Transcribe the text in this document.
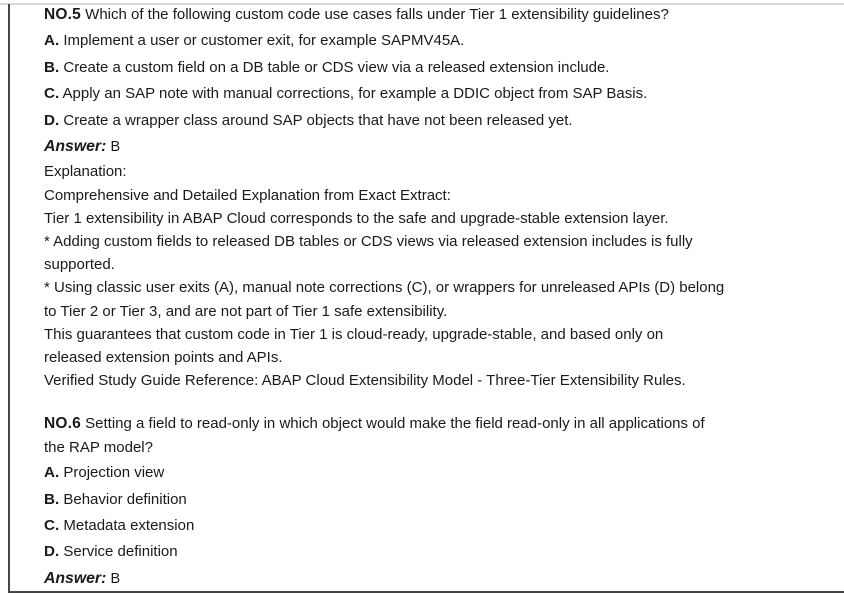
NO.5 Which of the following custom code use cases falls under Tier 1 extensibility guidelines?
A. Implement a user or customer exit, for example SAPMV45A.
B. Create a custom field on a DB table or CDS view via a released extension include.
C. Apply an SAP note with manual corrections, for example a DDIC object from SAP Basis.
D. Create a wrapper class around SAP objects that have not been released yet.
Answer: B
Explanation:
Comprehensive and Detailed Explanation from Exact Extract:
Tier 1 extensibility in ABAP Cloud corresponds to the safe and upgrade-stable extension layer.
* Adding custom fields to released DB tables or CDS views via released extension includes is fully
supported.
* Using classic user exits (A), manual note corrections (C), or wrappers for unreleased APIs (D) belong
to Tier 2 or Tier 3, and are not part of Tier 1 safe extensibility.
This guarantees that custom code in Tier 1 is cloud-ready, upgrade-stable, and based only on
released extension points and APIs.
Verified Study Guide Reference: ABAP Cloud Extensibility Model - Three-Tier Extensibility Rules.
NO.6 Setting a field to read-only in which object would make the field read-only in all applications of
the RAP model?
A. Projection view
B. Behavior definition
C. Metadata extension
D. Service definition
Answer: B
